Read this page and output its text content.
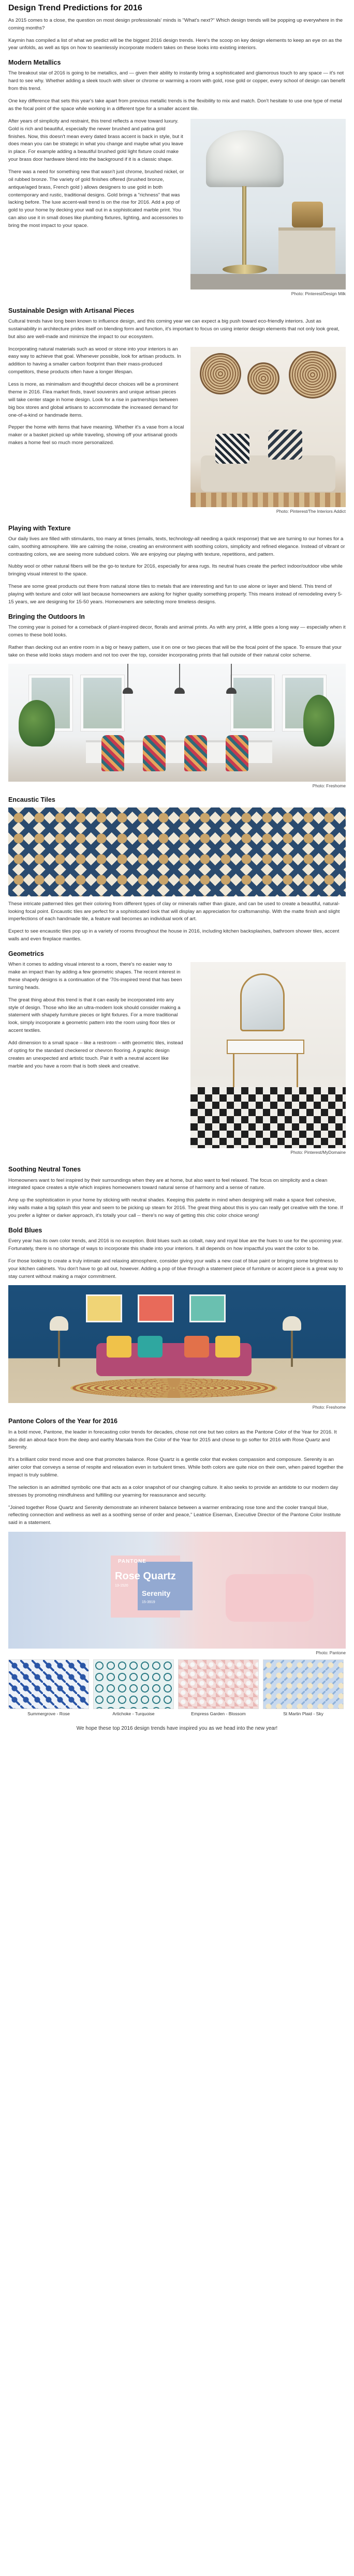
Design Trend Predictions for 2016

As 2015 comes to a close, the question on most design professionals' minds is "What's next?" Which design trends will be popping up everywhere in the coming months?

Kaymin has compiled a list of what we predict will be the biggest 2016 design trends. Here's the scoop on key design elements to keep an eye on as the year unfolds, as well as tips on how to seamlessly incorporate modern takes on these looks into existing interiors.

Modern Metallics

The breakout star of 2016 is going to be metallics, and — given their ability to instantly bring a sophisticated and glamorous touch to any space — it's not hard to see why. Whether adding a sleek touch with silver or chrome or warming a room with gold, rose gold or copper, every school of design can benefit from this trend.

One key difference that sets this year's take apart from previous metallic trends is the flexibility to mix and match. Don't hesitate to use one type of metal as the focal point of the space while working in a different type for a smaller accent tile.

Photo: Pinterest/Design Milk

After years of simplicity and restraint, this trend reflects a move toward luxury. Gold is rich and beautiful, especially the newer brushed and patina gold finishes. Now, this doesn't mean every dated brass accent is back in style, but it does mean you can be strategic in what you change and maybe what you leave in place. For example adding a beautiful brushed gold light fixture could make your brass door hardware blend into the background if it is a classic shape.

There was a need for something new that wasn't just chrome, brushed nickel, or oil rubbed bronze. The variety of gold finishes offered (brushed bronze, antique/aged brass, French gold ) allows designers to use gold in both contemporary and rustic, traditional designs. Gold brings a "richness" that was lacking before. The luxe accent-wall trend is on the rise for 2016. Add a pop of gold to your home by decking your wall out in a sophisticated marble print. You can also use it in small doses like plumbing fixtures, lighting, and accessories to bring the most impact to your space.

Sustainable Design with Artisanal Pieces

Cultural trends have long been known to influence design, and this coming year we can expect a big push toward eco-friendly interiors. Just as sustainability in architecture prides itself on blending form and function, it's important to focus on using interior design elements that not only look great, but also are well-made and minimize the impact to our ecosystem.

Photo: Pinterest/The Interiors Addict

Incorporating natural materials such as wood or stone into your interiors is an easy way to achieve that goal. Whenever possible, look for artisan products. In addition to having a smaller carbon footprint than their mass-produced competitors, these products often have a longer lifespan.

Less is more, as minimalism and thoughtful decor choices will be a prominent theme in 2016. Flea market finds, travel souvenirs and unique artisan pieces will take center stage in home design. Look for a rise in partnerships between big box stores and global artisans to accommodate the increased demand for one-of-a-kind or handmade items.

Pepper the home with items that have meaning. Whether it's a vase from a local maker or a basket picked up while traveling, showing off your artisanal goods makes a home feel so much more personalized.

Playing with Texture

Our daily lives are filled with stimulants, too many at times (emails, texts, technology-all needing a quick response) that we are turning to our homes for a calm, soothing atmosphere. We are calming the noise, creating an environment with soothing colors, simplicity and refined elegance. Instead of vibrant or contrasting colors, we are seeing more subdued colors. We are enjoying our playing with texture, repetitions, and pattern.

Nubby wool or other natural fibers will be the go-to texture for 2016, especially for area rugs. Its neutral hues create the perfect indoor/outdoor vibe while bringing visual interest to the space.

These are some great products out there from natural stone tiles to metals that are interesting and fun to use alone or layer and blend. This trend of playing with texture and color will last because homeowners are asking for higher quality something property. This means instead of remodeling every 5-15 years, we are designing for 15-50 years. Homeowners are selecting more timeless designs.

Bringing the Outdoors In

The coming year is poised for a comeback of plant-inspired decor, florals and animal prints. As with any print, a little goes a long way — especially when it comes to these bold looks.

Rather than decking out an entire room in a big or heavy pattern, use it on one or two pieces that will be the focal point of the space. To ensure that your take on these wild looks stays modern and not too over the top, consider incorporating prints that fall outside of their natural color scheme.

Photo: Freshome
Encaustic Tiles

These intricate patterned tiles get their coloring from different types of clay or minerals rather than glaze, and can be used to create a beautiful, natural-looking focal point. Encaustic tiles are perfect for a sophisticated look that will display an appreciation for craftsmanship. With the matte finish and slight imperfections of each handmade tile, a feature wall becomes an individual work of art.

Expect to see encaustic tiles pop up in a variety of rooms throughout the house in 2016, including kitchen backsplashes, bathroom shower tiles, accent walls and even fireplace mantles.

Geometrics
Photo: Pinterest/MyDomaine

When it comes to adding visual interest to a room, there's no easier way to make an impact than by adding a few geometric shapes. The recent interest in these shapely designs is a continuation of the '70s-inspired trend that has been turning heads.

The great thing about this trend is that it can easily be incorporated into any style of design. Those who like an ultra-modern look should consider making a statement with shapely furniture pieces or light fixtures. For a more traditional look, simply incorporate a geometric pattern into the room using floor tiles or accent textiles.

Add dimension to a small space – like a restroom – with geometric tiles, instead of opting for the standard checkered or chevron flooring. A graphic design creates an unexpected and artistic touch. Pair it with a neutral accent like marble and you have a room that is both sleek and creative.

Soothing Neutral Tones

Homeowners want to feel inspired by their surroundings when they are at home, but also want to feel relaxed. The focus on simplicity and a clean integrated space creates a style which inspires homeowners toward natural sense of harmony and a sense of nature.

Amp up the sophistication in your home by sticking with neutral shades. Keeping this palette in mind when designing will make a space feel cohesive, inky walls make a big splash this year and seem to be picking up steam for 2016. The great thing about this is you can really get creative with the tone. If you prefer a lighter or darker approach, it's totally your call -- there's no way of getting this chic color choice wrong!

Bold Blues

Every year has its own color trends, and 2016 is no exception. Bold blues such as cobalt, navy and royal blue are the hues to use for the upcoming year. Fortunately, there is no shortage of ways to incorporate this shade into your interiors. It all depends on how impactful you want the color to be.

For those looking to create a truly intimate and relaxing atmosphere, consider giving your walls a new coat of blue paint or bringing some brightness to your kitchen cabinets. You don't have to go all out, however. Adding a pop of blue through a statement piece of furniture or accent piece is a great way to stay current without making a major commitment.

Photo: Freshome
Pantone Colors of the Year for 2016

In a bold move, Pantone, the leader in forecasting color trends for decades, chose not one but two colors as the Pantone Color of the Year for 2016. It also did an about-face from the deep and earthy Marsala from the Color of the Year for 2015 and chose to go softer for 2016 with Rose Quartz and Serenity.

It's a brilliant color trend move and one that promotes balance. Rose Quartz is a gentle color that evokes compassion and composure. Serenity is an airier color that conveys a sense of respite and relaxation even in turbulent times. While both colors are quite nice on their own, when paired together the impact is truly sublime.

The selection is an admitted symbolic one that acts as a color snapshot of our changing culture. It also seeks to provide an antidote to our modern day stresses by promoting mindfulness and fulfilling our yearning for reassurance and security.

"Joined together Rose Quartz and Serenity demonstrate an inherent balance between a warmer embracing rose tone and the cooler tranquil blue, reflecting connection and wellness as well as a soothing sense of order and peace," Leatrice Eiseman, Executive Director of the Pantone Color Institute said in a statement.

PANTONE
Rose Quartz
13-1520
Serenity
15-3919
Photo: Pantone
Summergrove - Rose	Artichoke - Turquoise	Empress Garden - Blossom	St Martin Plaid - Sky

We hope these top 2016 design trends have inspired you as we head into the new year!
